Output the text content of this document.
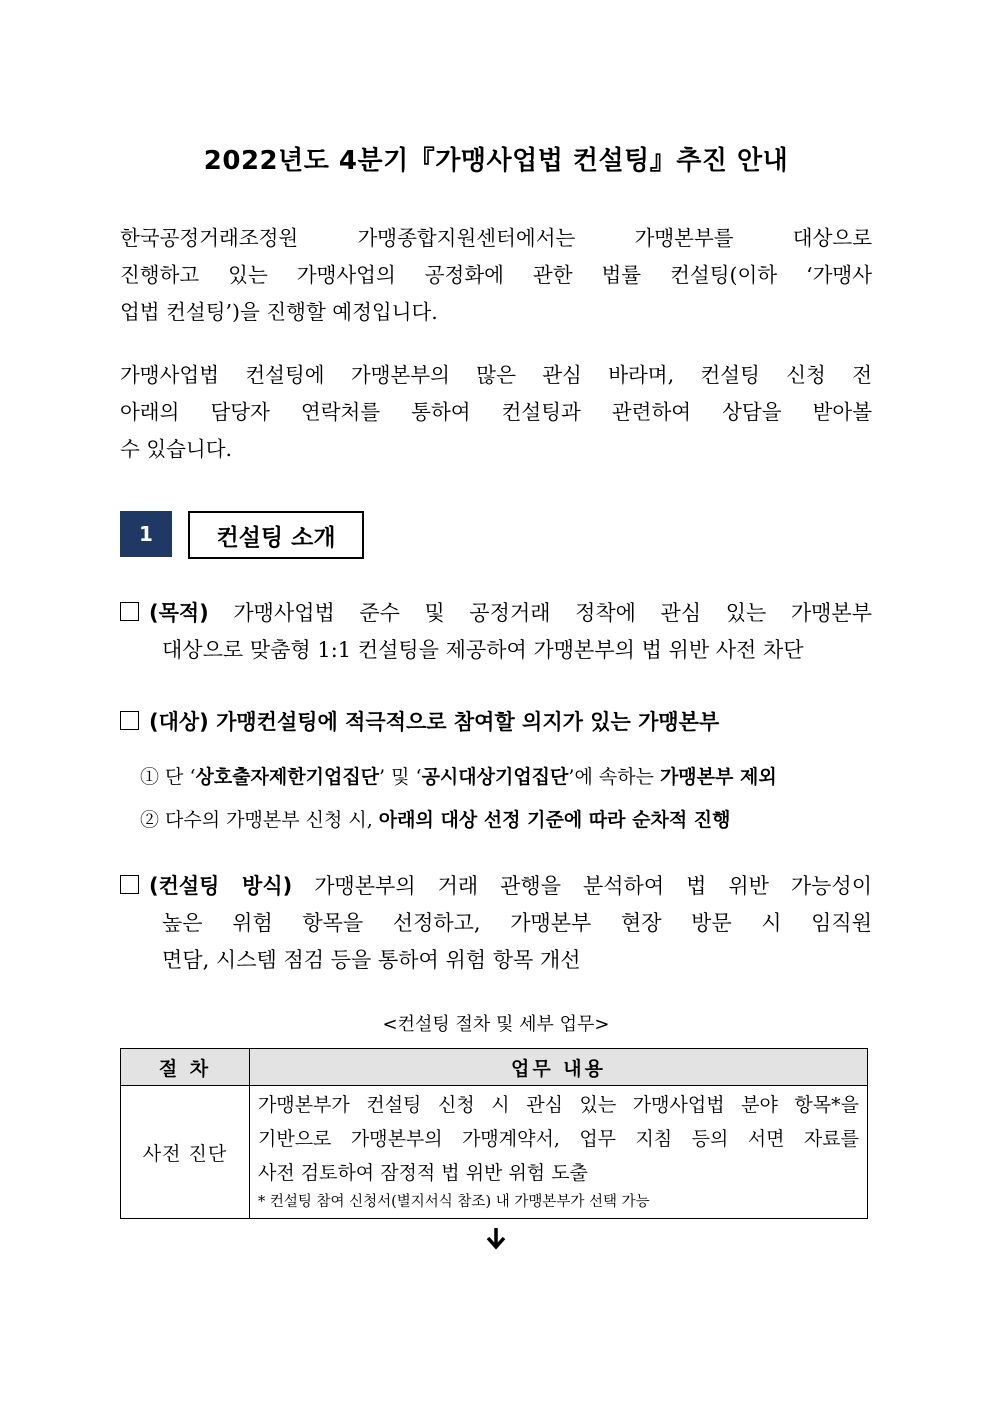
2022년도 4분기『가맹사업법 컨설팅』추진 안내
한국공정거래조정원 가맹종합지원센터에서는 가맹본부를 대상으로
진행하고 있는 가맹사업의 공정화에 관한 법률 컨설팅(이하 ‘가맹사
업법 컨설팅’)을 진행할 예정입니다.
가맹사업법 컨설팅에 가맹본부의 많은 관심 바라며, 컨설팅 신청 전
아래의 담당자 연락처를 통하여 컨설팅과 관련하여 상담을 받아볼
수 있습니다.
1	컨설팅 소개
(목적) 가맹사업법 준수 및 공정거래 정착에 관심 있는 가맹본부
대상으로 맞춤형 1:1 컨설팅을 제공하여 가맹본부의 법 위반 사전 차단
(대상) 가맹컨설팅에 적극적으로 참여할 의지가 있는 가맹본부
① 단 ‘상호출자제한기업집단’ 및 ‘공시대상기업집단’에 속하는 가맹본부 제외
② 다수의 가맹본부 신청 시, 아래의 대상 선정 기준에 따라 순차적 진행
(컨설팅 방식) 가맹본부의 거래 관행을 분석하여 법 위반 가능성이
높은 위험 항목을 선정하고, 가맹본부 현장 방문 시 임직원
면담, 시스템 점검 등을 통하여 위험 항목 개선
<컨설팅 절차 및 세부 업무>
절 차	업무 내용
사전 진단	가맹본부가 컨설팅 신청 시 관심 있는 가맹사업법 분야 항목*을
기반으로 가맹본부의 가맹계약서, 업무 지침 등의 서면 자료를
사전 검토하여 잠정적 법 위반 위험 도출
* 컨설팅 참여 신청서(별지서식 참조) 내 가맹본부가 선택 가능
